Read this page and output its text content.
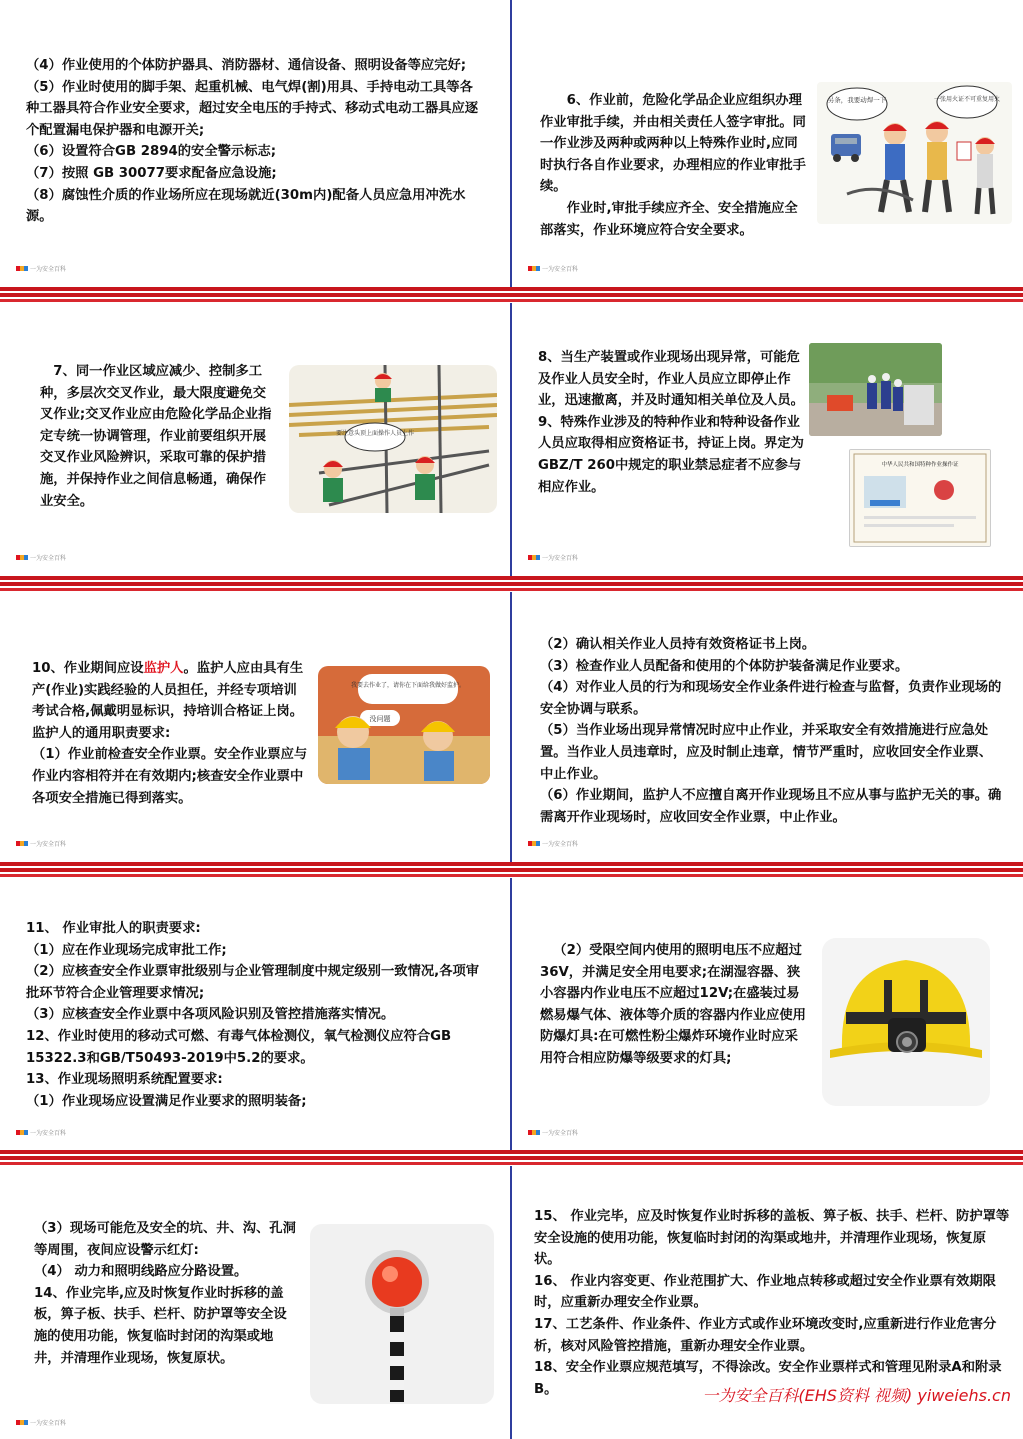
（4）作业使用的个体防护器具、消防器材、通信设备、照明设备等应完好;

（5）作业时使用的脚手架、起重机械、电气焊(割)用具、手持电动工具等各种工器具符合作业安全要求，超过安全电压的手持式、移动式电动工器具应逐个配置漏电保护器和电源开关;

（6）设置符合GB 2894的安全警示标志;

（7）按照 GB 30077要求配备应急设施;

（8）腐蚀性介质的作业场所应在现场就近(30m内)配备人员应急用冲洗水源。

一为安全百科

6、作业前，危险化学品企业应组织办理作业审批手续，并由相关责任人签字审批。同一作业涉及两种或两种以上特殊作业时,应同时执行各自作业要求，办理相应的作业审批手续。

作业时,审批手续应齐全、安全措施应全部落实，作业环境应符合安全要求。

另条，我要动焊一下	一张用火证不可重复用火
一为安全百科

7、同一作业区域应减少、控制多工种，多层次交叉作业，最大限度避免交叉作业;交叉作业应由危险化学品企业指定专统一协调管理，作业前要组织开展交叉作业风险辨识，采取可靠的保护措施，并保持作业之间信息畅通，确保作业安全。

要注意头顶上面操作人员上作
一为安全百科

8、当生产装置或作业现场出现异常，可能危及作业人员安全时，作业人员应立即停止作业，迅速撤离，并及时通知相关单位及人员。

9、特殊作业涉及的特种作业和特种设备作业人员应取得相应资格证书，持证上岗。界定为GBZ/T 260中规定的职业禁忌症者不应参与相应作业。

中华人民共和国特种作业操作证
一为安全百科

10、作业期间应设监护人。监护人应由具有生产(作业)实践经验的人员担任，并经专项培训考试合格,佩戴明显标识，持培训合格证上岗。 监护人的通用职责要求:

（1）作业前检查安全作业票。安全作业票应与作业内容相符并在有效期内;核查安全作业票中各项安全措施已得到落实。

我要去作业了，请你在下面给我做好监护。
没问题
一为安全百科

（2）确认相关作业人员持有效资格证书上岗。

（3）检查作业人员配备和使用的个体防护装备满足作业要求。

（4）对作业人员的行为和现场安全作业条件进行检查与监督，负责作业现场的安全协调与联系。

（5）当作业场出现异常情况时应中止作业，并采取安全有效措施进行应急处置。当作业人员违章时，应及时制止违章，情节严重时，应收回安全作业票、中止作业。

（6）作业期间，监护人不应擅自离开作业现场且不应从事与监护无关的事。确需离开作业现场时，应收回安全作业票，中止作业。

一为安全百科

11、 作业审批人的职责要求:

（1）应在作业现场完成审批工作;

（2）应核查安全作业票审批级别与企业管理制度中规定级别一致情况,各项审批环节符合企业管理要求情况;

（3）应核查安全作业票中各项风险识别及管控措施落实情况。

12、作业时使用的移动式可燃、有毒气体检测仪，氧气检测仪应符合GB 15322.3和GB/T50493-2019中5.2的要求。

13、作业现场照明系统配置要求:

（1）作业现场应设置满足作业要求的照明装备;

一为安全百科

（2）受限空间内使用的照明电压不应超过36V，并满足安全用电要求;在湖湿容器、狭小容器内作业电压不应超过12V;在盛装过易燃易爆气体、液体等介质的容器内作业应使用防爆灯具:在可燃性粉尘爆炸环境作业时应采用符合相应防爆等级要求的灯具;

一为安全百科

（3）现场可能危及安全的坑、井、沟、孔洞等周围，夜间应设警示红灯:

（4） 动力和照明线路应分路设置。

14、作业完毕,应及时恢复作业时拆移的盖板，箅子板、扶手、栏杆、防护罩等安全设施的使用功能，恢复临时封闭的沟渠或地井，并清理作业现场，恢复原状。

一为安全百科

15、 作业完毕，应及时恢复作业时拆移的盖板、箅子板、扶手、栏杆、防护罩等安全设施的使用功能，恢复临时封闭的沟渠或地井，并清理作业现场，恢复原状。

16、 作业内容变更、作业范围扩大、作业地点转移或超过安全作业票有效期限时，应重新办理安全作业票。

17、工艺条件、作业条件、作业方式或作业环境改变时,应重新进行作业危害分析，核对风险管控措施，重新办理安全作业票。

18、安全作业票应规范填写，不得涂改。安全作业票样式和管理见附录A和附录B。	一为安全百科(EHS资料 视频) yiweiehs.cn
